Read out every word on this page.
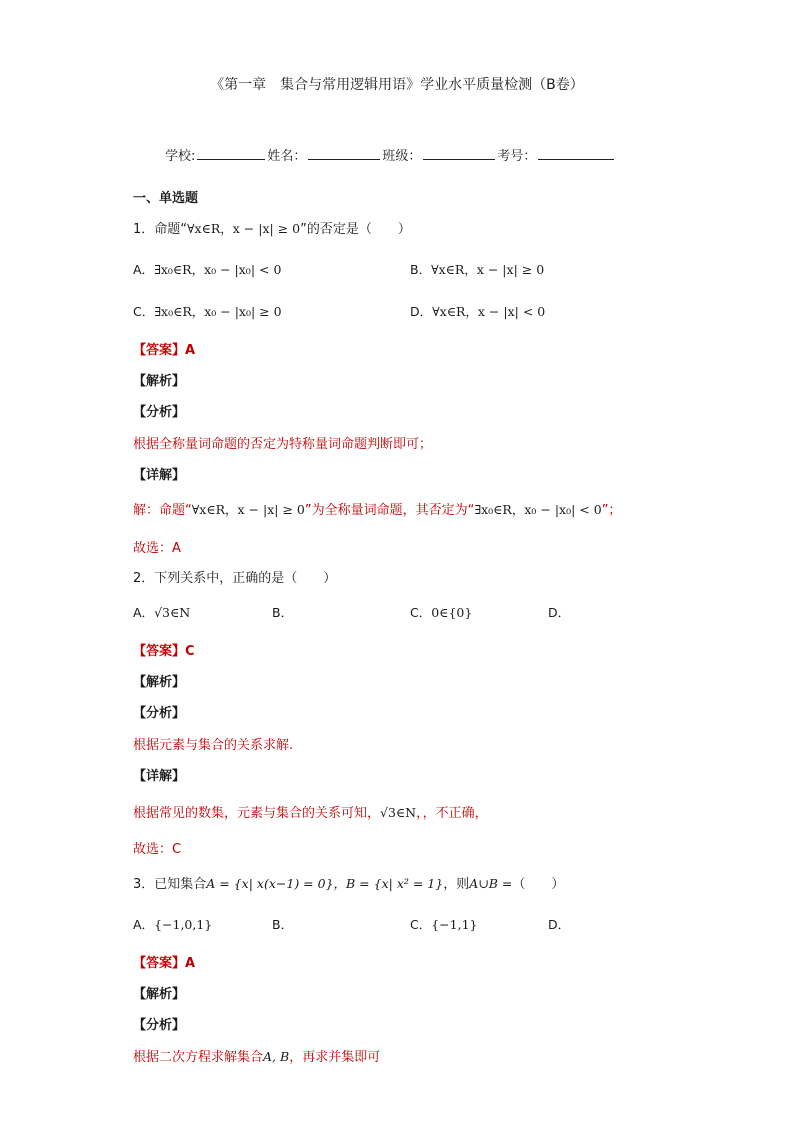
《第一章　集合与常用逻辑用语》学业水平质量检测（B卷）
学校:	姓名：	班级：	考号：
一、单选题
1．命题“∀x∈R，x − |x| ≥ 0”的否定是（　　）
A．∃x₀∈R，x₀ − |x₀| < 0	B．∀x∈R，x − |x| ≥ 0
C．∃x₀∈R，x₀ − |x₀| ≥ 0	D．∀x∈R，x − |x| < 0
【答案】A
【解析】
【分析】
根据全称量词命题的否定为特称量词命题判断即可；
【详解】
解：命题“∀x∈R，x − |x| ≥ 0”为全称量词命题，其否定为“∃x₀∈R，x₀ − |x₀| < 0”；
故选：A
2．下列关系中，正确的是（　　）
A．√3∈N	B．	C．0∈{0}	D．
【答案】C
【解析】
【分析】
根据元素与集合的关系求解.
【详解】
根据常见的数集，元素与集合的关系可知，√3∈N，，不正确，
故选：C
3．已知集合A = {x| x(x−1) = 0}，B = {x| x² = 1}，则A∪B =（　　）
A．{−1,0,1}	B．	C．{−1,1}	D．
【答案】A
【解析】
【分析】
根据二次方程求解集合A, B，再求并集即可
